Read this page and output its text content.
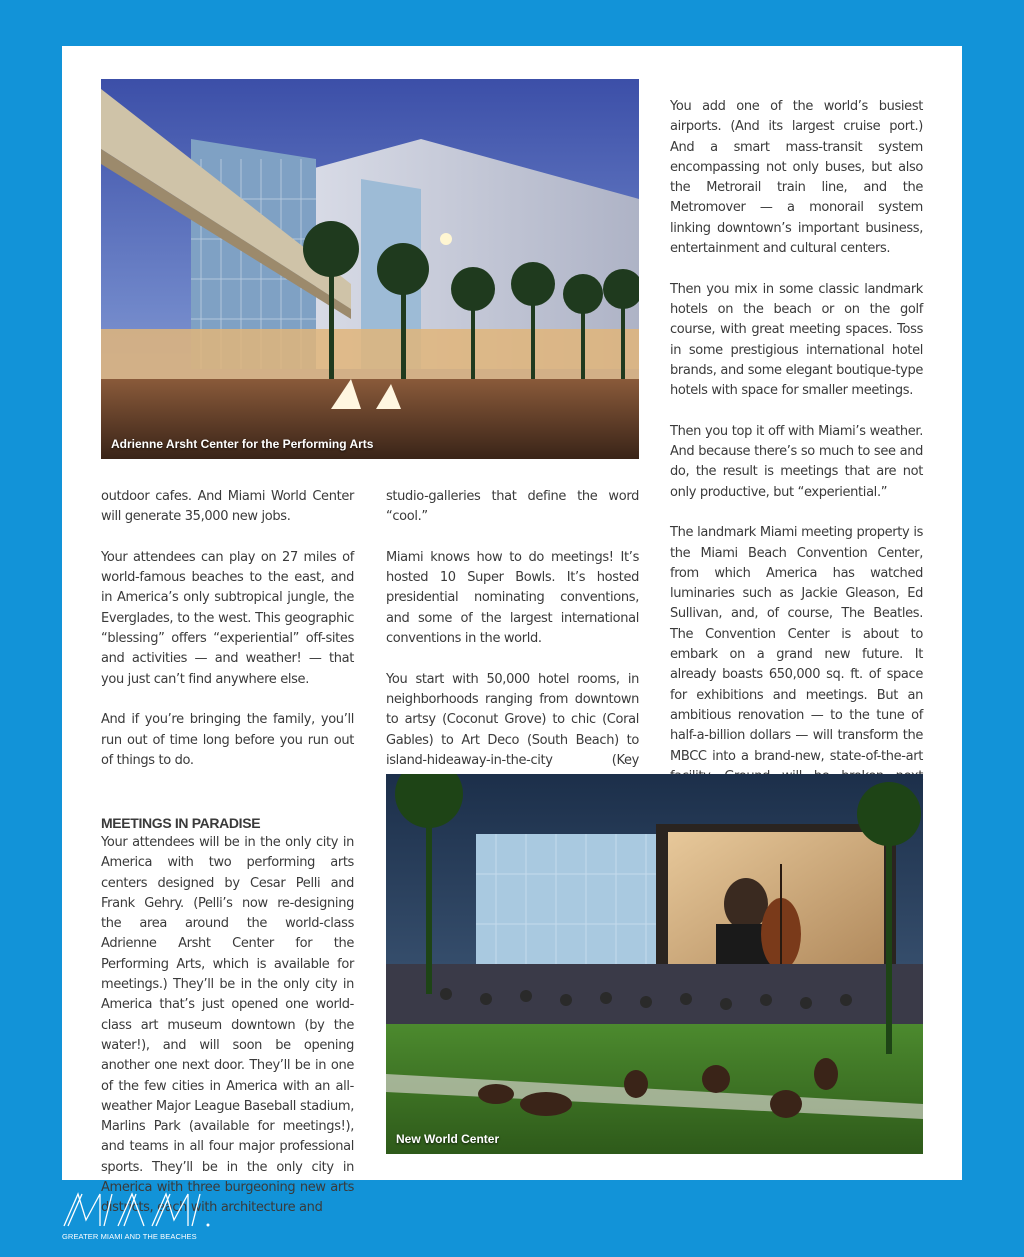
Adrienne Arsht Center for the Performing Arts

outdoor cafes. And Miami World Center will generate 35,000 new jobs.

Your attendees can play on 27 miles of world-famous beaches to the east, and in America’s only subtropical jungle, the Everglades, to the west. This geographic “blessing” offers “experiential” off-sites and activities — and weather! — that you just can’t find anywhere else.

And if you’re bringing the family, you’ll run out of time long before you run out of things to do.

MEETINGS IN PARADISE

Your attendees will be in the only city in America with two performing arts centers designed by Cesar Pelli and Frank Gehry. (Pelli’s now re-designing the area around the world-class Adrienne Arsht Center for the Performing Arts, which is available for meetings.) They’ll be in the only city in America that’s just opened one world-class art museum downtown (by the water!), and will soon be opening another one next door. They’ll be in one of the few cities in America with an all-weather Major League Baseball stadium, Marlins Park (available for meetings!), and teams in all four major professional sports. They’ll be in the only city in America with three burgeoning new arts districts, each with architecture and

studio-galleries that define the word “cool.”

Miami knows how to do meetings! It’s hosted 10 Super Bowls. It’s hosted presidential nominating conventions, and some of the largest international conventions in the world.

You start with 50,000 hotel rooms, in neighborhoods ranging from downtown to artsy (Coconut Grove) to chic (Coral Gables) to Art Deco (South Beach) to island-hideaway-in-the-city (Key

You add one of the world’s busiest airports. (And its largest cruise port.) And a smart mass-transit system encompassing not only buses, but also the Metrorail train line, and the Metromover — a monorail system linking downtown’s important business, entertainment and cultural centers.

Then you mix in some classic landmark hotels on the beach or on the golf course, with great meeting spaces. Toss in some prestigious international hotel brands, and some elegant boutique-type hotels with space for smaller meetings.

Then you top it off with Miami’s weather. And because there’s so much to see and do, the result is meetings that are not only productive, but “experiential.”

The landmark Miami meeting property is the Miami Beach Convention Center, from which America has watched luminaries such as Jackie Gleason, Ed Sullivan, and, of course, The Beatles. The Convention Center is about to embark on a grand new future. It already boasts 650,000 sq. ft. of space for exhibitions and meetings. But an ambitious renovation — to the tune of half-a-billion dollars — will transform the MBCC into a brand-new, state-of-the-art

New World Center
GREATER MIAMI AND THE BEACHES
